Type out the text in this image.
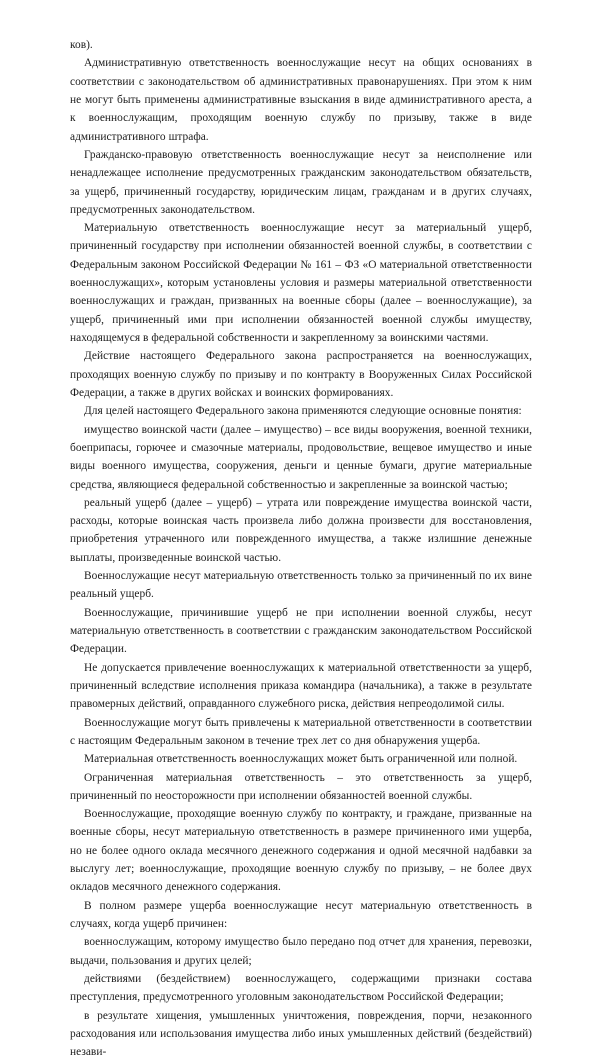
ков).

Административную ответственность военнослужащие несут на общих основаниях в соответствии с законодательством об административных правонарушениях. При этом к ним не могут быть применены административные взыскания в виде административного ареста, а к военнослужащим, проходящим военную службу по призыву, также в виде административного штрафа.

Гражданско-правовую ответственность военнослужащие несут за неисполнение или ненадлежащее исполнение предусмотренных гражданским законодательством обязательств, за ущерб, причиненный государству, юридическим лицам, гражданам и в других случаях, предусмотренных законодательством.

Материальную ответственность военнослужащие несут за материальный ущерб, причиненный государству при исполнении обязанностей военной службы, в соответствии с Федеральным законом Российской Федерации № 161 – ФЗ «О материальной ответственности военнослужащих», которым установлены условия и размеры материальной ответственности военнослужащих и граждан, призванных на военные сборы (далее – военнослужащие), за ущерб, причиненный ими при исполнении обязанностей военной службы имуществу, находящемуся в федеральной собственности и закрепленному за воинскими частями.

Действие настоящего Федерального закона распространяется на военнослужащих, проходящих военную службу по призыву и по контракту в Вооруженных Силах Российской Федерации, а также в других войсках и воинских формированиях.

Для целей настоящего Федерального закона применяются следующие основные понятия:

имущество воинской части (далее – имущество) – все виды вооружения, военной техники, боеприпасы, горючее и смазочные материалы, продовольствие, вещевое имущество и иные виды военного имущества, сооружения, деньги и ценные бумаги, другие материальные средства, являющиеся федеральной собственностью и закрепленные за воинской частью;

реальный ущерб (далее – ущерб) – утрата или повреждение имущества воинской части, расходы, которые воинская часть произвела либо должна произвести для восстановления, приобретения утраченного или поврежденного имущества, а также излишние денежные выплаты, произведенные воинской частью.

Военнослужащие несут материальную ответственность только за причиненный по их вине реальный ущерб.

Военнослужащие, причинившие ущерб не при исполнении военной службы, несут материальную ответственность в соответствии с гражданским законодательством Российской Федерации.

Не допускается привлечение военнослужащих к материальной ответственности за ущерб, причиненный вследствие исполнения приказа командира (начальника), а также в результате правомерных действий, оправданного служебного риска, действия непреодолимой силы.

Военнослужащие могут быть привлечены к материальной ответственности в соответствии с настоящим Федеральным законом в течение трех лет со дня обнаружения ущерба.

Материальная ответственность военнослужащих может быть ограниченной или полной.

Ограниченная материальная ответственность – это ответственность за ущерб, причиненный по неосторожности при исполнении обязанностей военной службы.

Военнослужащие, проходящие военную службу по контракту, и граждане, призванные на военные сборы, несут материальную ответственность в размере причиненного ими ущерба, но не более одного оклада месячного денежного содержания и одной месячной надбавки за выслугу лет; военнослужащие, проходящие военную службу по призыву, – не более двух окладов месячного денежного содержания.

В полном размере ущерба военнослужащие несут материальную ответственность в случаях, когда ущерб причинен:

военнослужащим, которому имущество было передано под отчет для хранения, перевозки, выдачи, пользования и других целей;

действиями (бездействием) военнослужащего, содержащими признаки состава преступления, предусмотренного уголовным законодательством Российской Федерации;

в результате хищения, умышленных уничтожения, повреждения, порчи, незаконного расходования или использования имущества либо иных умышленных действий (бездействий) незави-
